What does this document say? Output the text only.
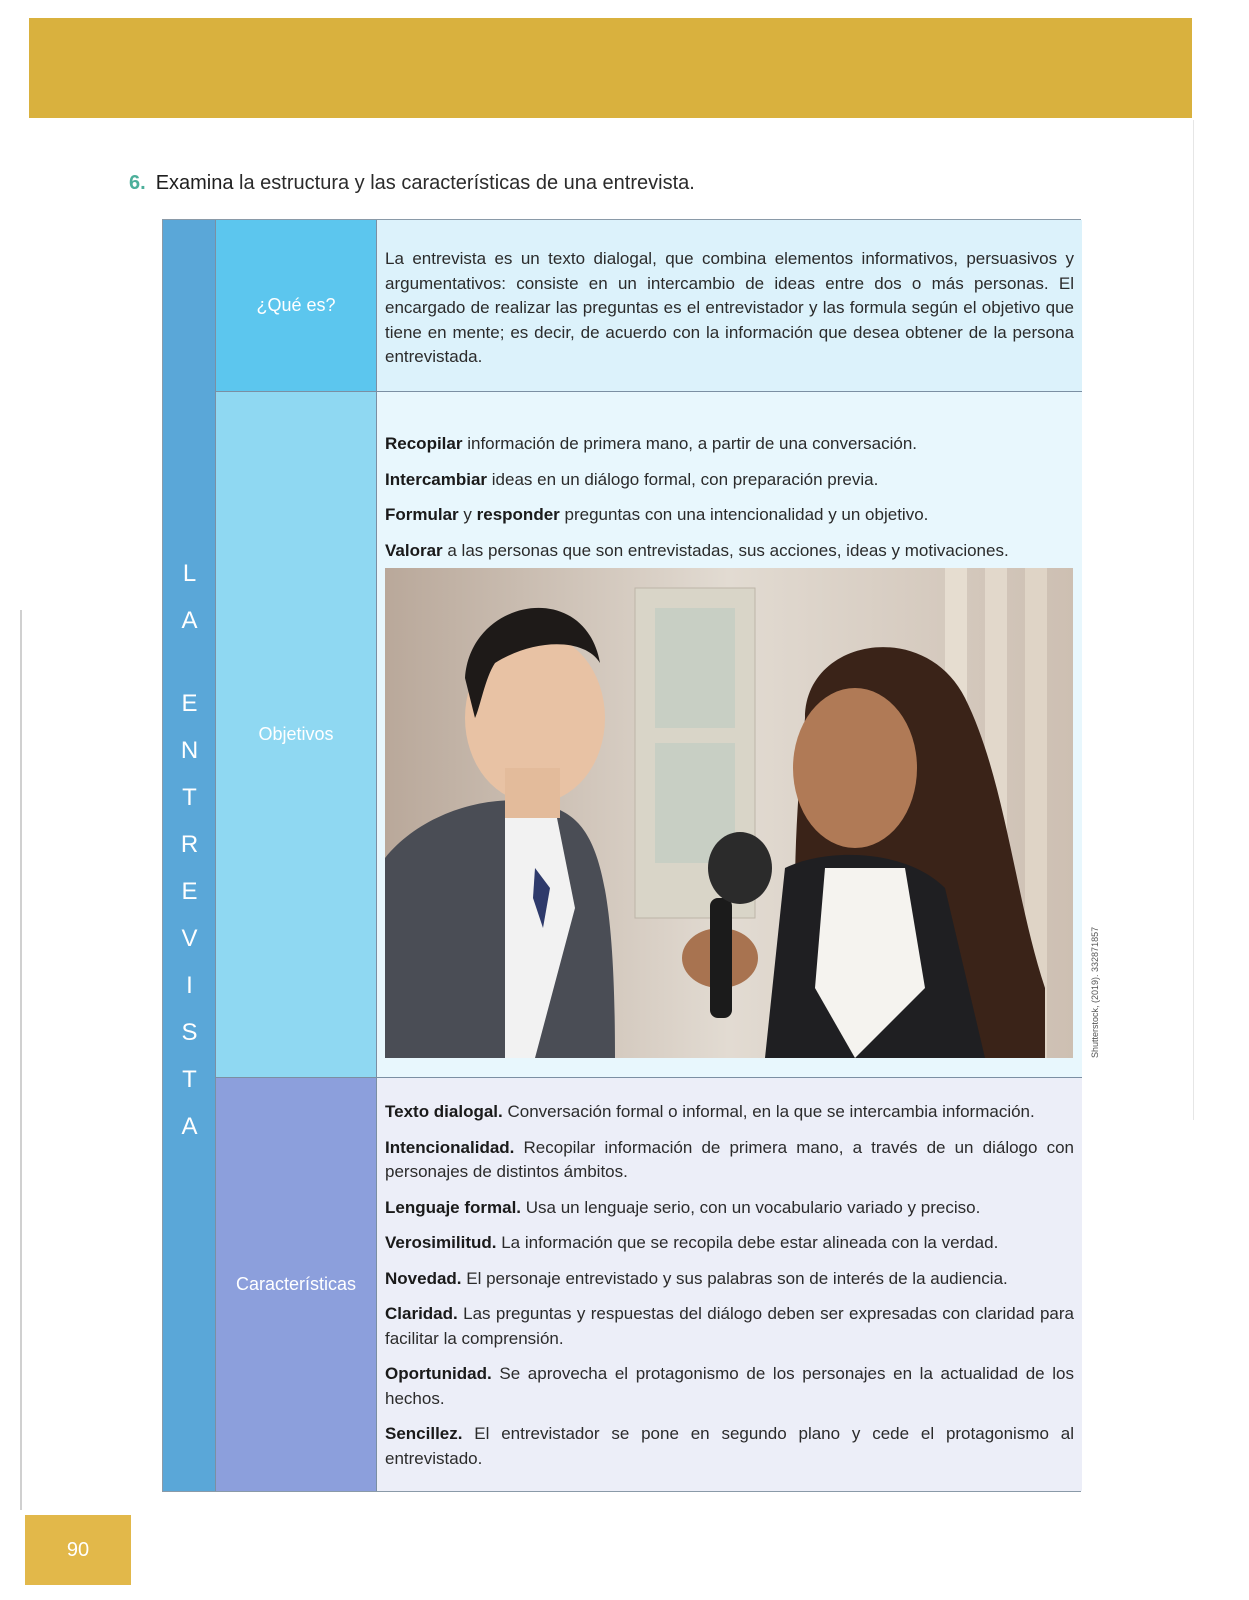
6. Examina la estructura y las características de una entrevista.
L
A
E
N
T
R
E
V
I
S
T
A
¿Qué es?
La entrevista es un texto dialogal, que combina elementos informativos, persuasivos y argumentativos: consiste en un intercambio de ideas entre dos o más personas. El encargado de realizar las preguntas es el entrevistador y las formula según el objetivo que tiene en mente; es decir, de acuerdo con la información que desea obtener de la persona entrevistada.
Objetivos
Recopilar información de primera mano, a partir de una conversación.
Intercambiar ideas en un diálogo formal, con preparación previa.
Formular y responder preguntas con una intencionalidad y un objetivo.
Valorar a las personas que son entrevistadas, sus acciones, ideas y motivaciones.
Características
Texto dialogal. Conversación formal o informal, en la que se intercambia información.
Intencionalidad. Recopilar información de primera mano, a través de un diálogo con personajes de distintos ámbitos.
Lenguaje formal. Usa un lenguaje serio, con un vocabulario variado y preciso.
Verosimilitud. La información que se recopila debe estar alineada con la verdad.
Novedad. El personaje entrevistado y sus palabras son de interés de la audiencia.
Claridad. Las preguntas y respuestas del diálogo deben ser expresadas con claridad para facilitar la comprensión.
Oportunidad. Se aprovecha el protagonismo de los personajes en la actualidad de los hechos.
Sencillez. El entrevistador se pone en segundo plano y cede el protagonismo al entrevistado.
Shutterstock, (2019). 332871857
90
